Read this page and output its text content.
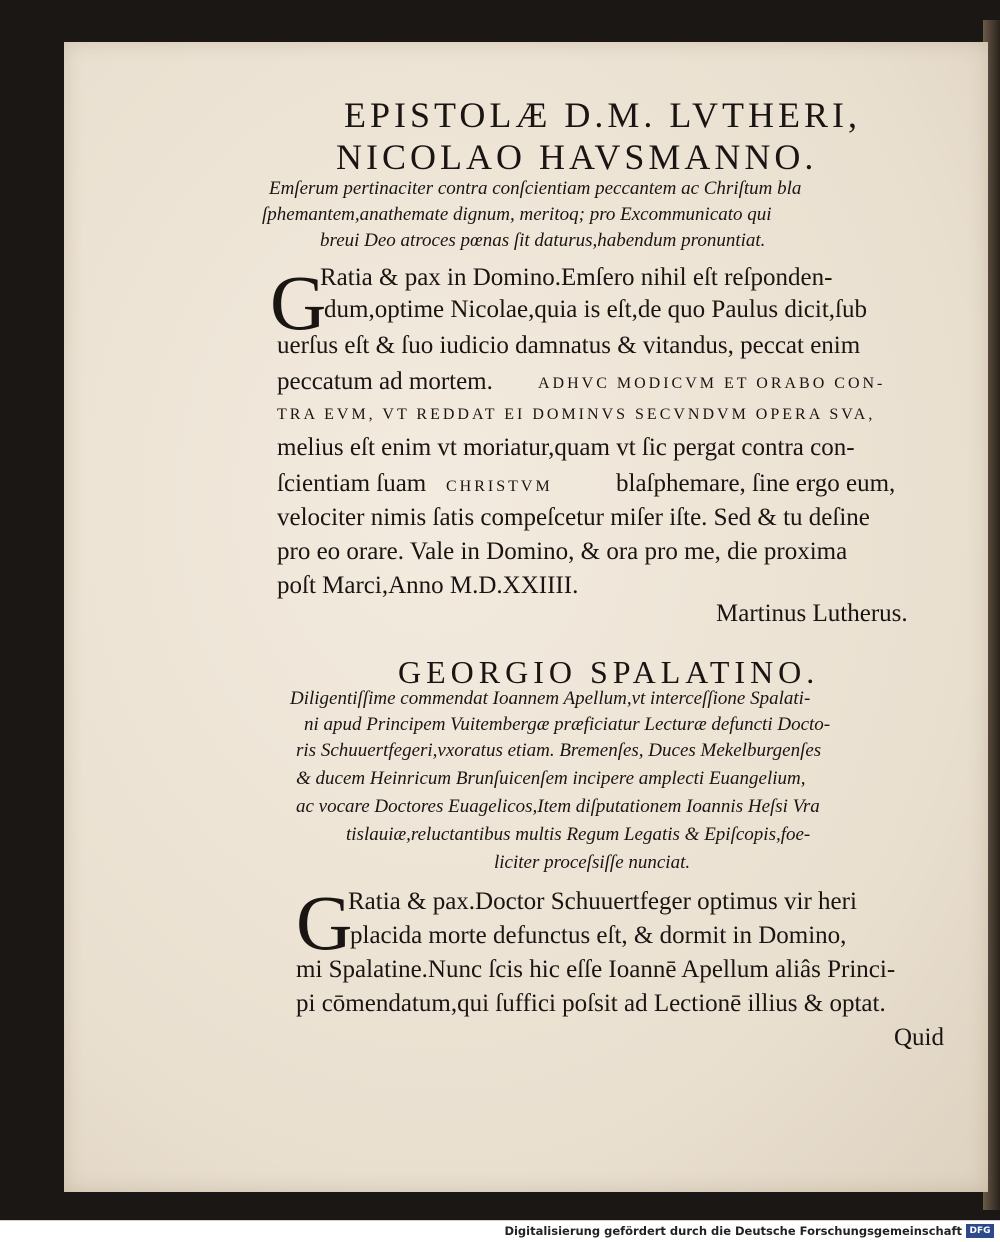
EPISTOLÆ D.M. LVTHERI,
NICOLAO HAVSMANNO.
Emſerum pertinaciter contra conſcientiam peccantem ac Chriſtum bla
ſphemantem,anathemate dignum, meritoq; pro Excommunicato qui
breui Deo atroces pœnas ſit daturus,habendum pronuntiat.
G
Ratia & pax in Domino.Emſero nihil eſt reſponden-
dum,optime Nicolae,quia is eſt,de quo Paulus dicit,ſub
uerſus eſt & ſuo iudicio damnatus & vitandus, peccat enim
peccatum ad mortem.	ADHVC MODICVM ET ORABO CON-
TRA EVM, VT REDDAT EI DOMINVS SECVNDVM OPERA SVA,
melius eſt enim vt moriatur,quam vt ſic pergat contra con-
ſcientiam ſuam CHRISTVM	blaſphemare, ſine ergo eum,
velociter nimis ſatis compeſcetur miſer iſte. Sed & tu deſine
pro eo orare. Vale in Domino, & ora pro me, die proxima
poſt Marci,Anno M.D.XXIIII.
Martinus Lutherus.
GEORGIO SPALATINO.
Diligentiſſime commendat Ioannem Apellum,vt interceſſione Spalati-
ni apud Principem Vuitembergæ præficiatur Lecturæ defuncti Docto-
ris Schuuertfegeri,vxoratus etiam. Bremenſes, Duces Mekelburgenſes
& ducem Heinricum Brunſuicenſem incipere amplecti Euangelium,
ac vocare Doctores Euagelicos,Item diſputationem Ioannis Heſsi Vra
tislauiæ,reluctantibus multis Regum Legatis & Epiſcopis,foe-
liciter proceſsiſſe nunciat.
G
Ratia & pax.Doctor Schuuertfeger optimus vir heri
placida morte defunctus eſt, & dormit in Domino,
mi Spalatine.Nunc ſcis hic eſſe Ioannē Apellum aliâs Princi-
pi cōmendatum,qui ſuffici poſsit ad Lectionē illius & optat.
Quid
Digitalisierung gefördert durch die Deutsche Forschungsgemeinschaft DFG
